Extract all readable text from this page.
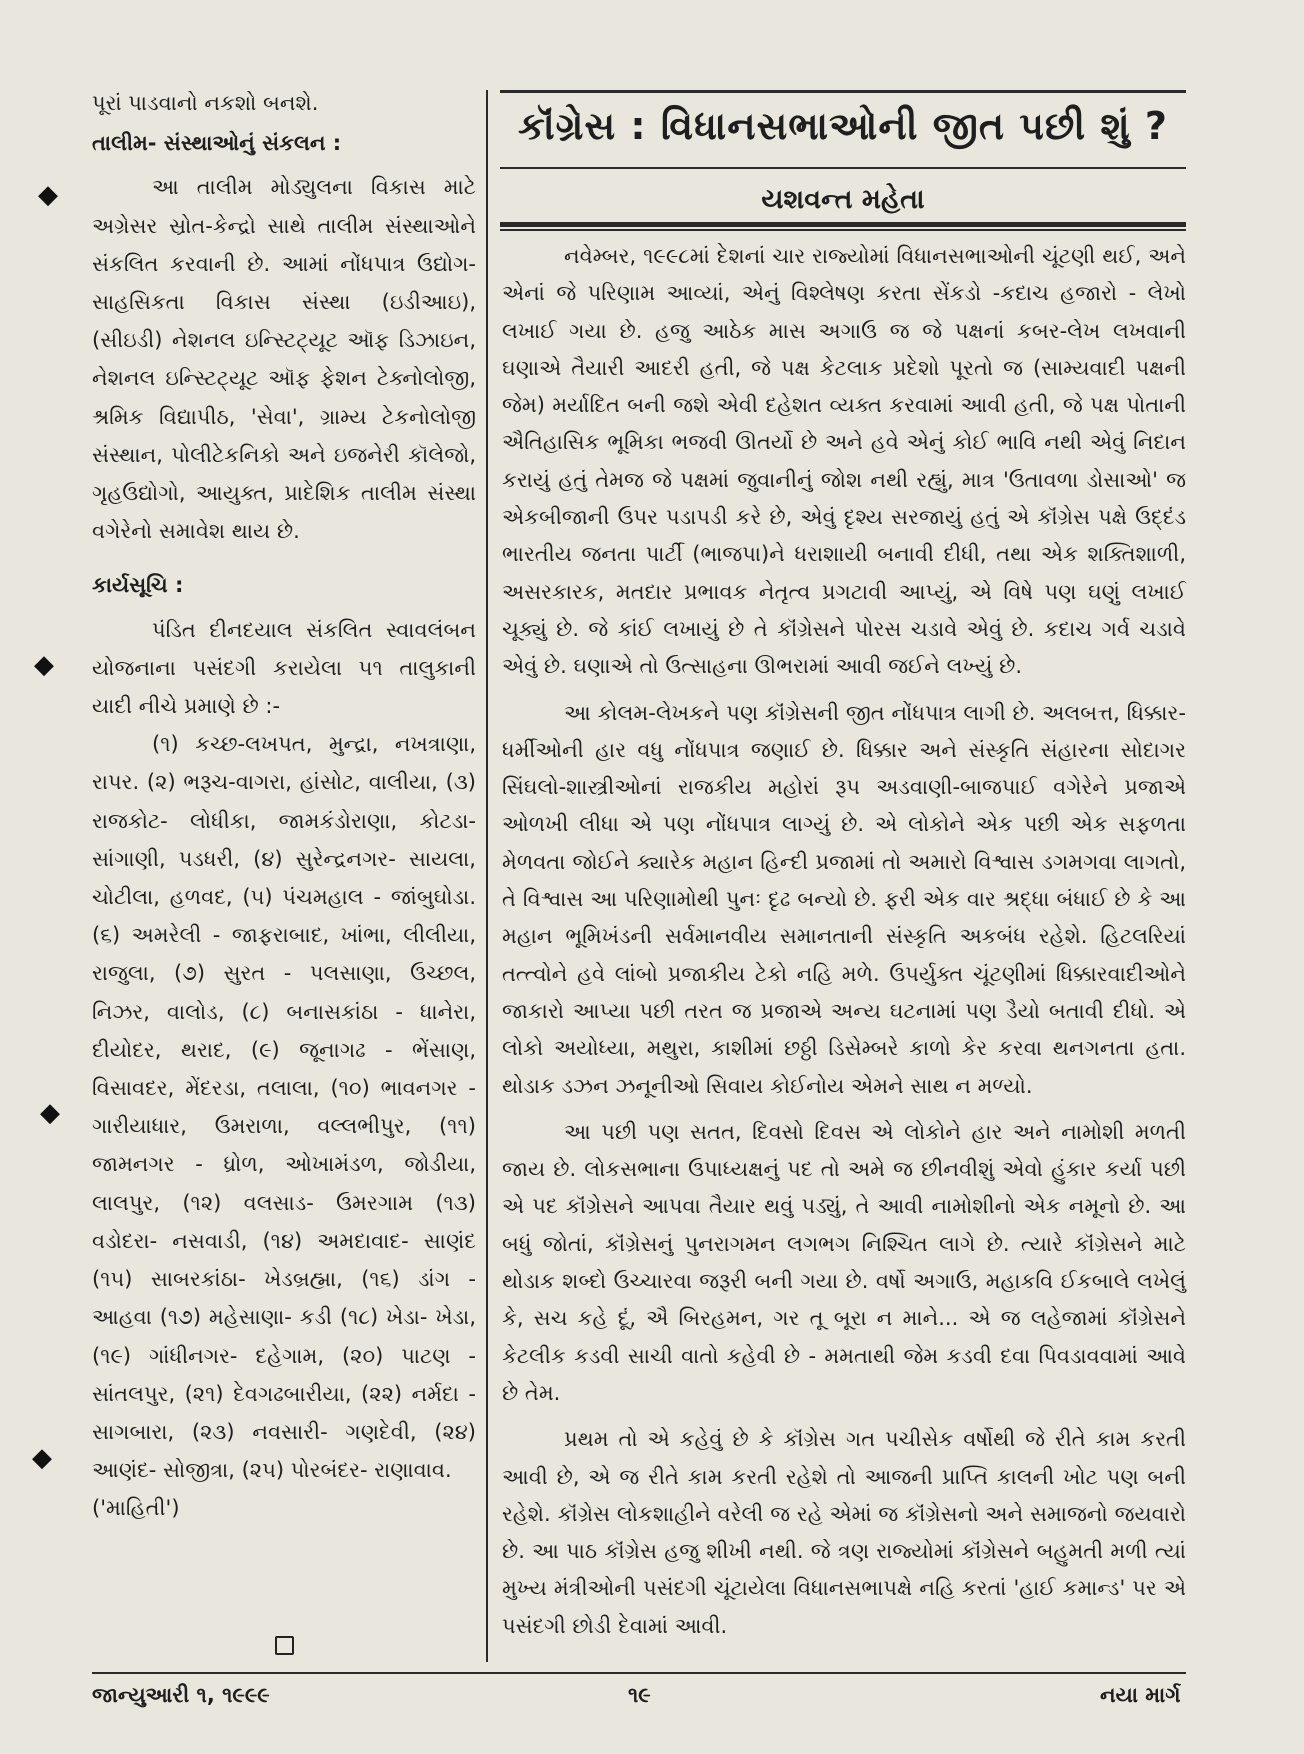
પૂરાં પાડવાનો નકશો બનશે.

તાલીમ- સંસ્થાઓનું સંકલન :

આ તાલીમ મોડ્યુલના વિકાસ માટે અગ્રેસર સ્રોત-કેન્દ્રો સાથે તાલીમ સંસ્થાઓને સંકલિત કરવાની છે. આમાં નોંધપાત્ર ઉદ્યોગ-સાહસિકતા વિકાસ સંસ્થા (ઇડીઆઇ), (સીઇડી) નેશનલ ઇન્સ્ટિટ્યૂટ ઑફ ડિઝાઇન, નેશનલ ઇન્સ્ટિટ્યૂટ ઑફ ફેશન ટેક્નોલોજી, શ્રમિક વિદ્યાપીઠ, 'સેવા', ગ્રામ્ય ટેકનોલોજી સંસ્થાન, પોલીટેકનિકો અને ઇજનેરી કૉલેજો, ગૃહઉદ્યોગો, આયુક્ત, પ્રાદેશિક તાલીમ સંસ્થા વગેરેનો સમાવેશ થાય છે.

કાર્યસૂચિ :

પંડિત દીનદયાલ સંકલિત સ્વાવલંબન યોજનાના પસંદગી કરાયેલા ૫૧ તાલુકાની યાદી નીચે પ્રમાણે છે :-

(૧) કચ્છ-લખપત, મુન્દ્રા, નખત્રાણા, રાપર. (૨) ભરૂચ-વાગરા, હાંસોટ, વાલીયા, (૩) રાજકોટ- લોધીકા, જામકંડોરાણા, કોટડા- સાંગાણી, પડધરી, (૪) સુરેન્દ્રનગર- સાયલા, ચોટીલા, હળવદ, (૫) પંચમહાલ - જાંબુઘોડા. (૬) અમરેલી - જાફરાબાદ, ખાંભા, લીલીયા, રાજુલા, (૭) સુરત - પલસાણા, ઉચ્છલ, નિઝર, વાલોડ, (૮) બનાસકાંઠા - ધાનેરા, દીયોદર, થરાદ, (૯) જૂનાગઢ - ભેંસાણ, વિસાવદર, મેંદરડા, તલાલા, (૧૦) ભાવનગર - ગારીયાધાર, ઉમરાળા, વલ્લભીપુર, (૧૧) જામનગર - ધ્રોળ, ઓખામંડળ, જોડીયા, લાલપુર, (૧૨) વલસાડ- ઉમરગામ (૧૩) વડોદરા- નસવાડી, (૧૪) અમદાવાદ- સાણંદ (૧૫) સાબરકાંઠા- ખેડબ્રહ્મા, (૧૬) ડાંગ - આહવા (૧૭) મહેસાણા- કડી (૧૮) ખેડા- ખેડા, (૧૯) ગાંધીનગર- દહેગામ, (૨૦) પાટણ - સાંતલપુર, (૨૧) દેવગઢબારીયા, (૨૨) નર્મદા - સાગબારા, (૨૩) નવસારી- ગણદેવી, (૨૪) આણંદ- સોજીત્રા, (૨૫) પોરબંદર- રાણાવાવ.

('માહિતી')

કૉંગ્રેસ : વિધાનસભાઓની જીત પછી શું ?
યશવન્ત મહેતા

નવેમ્બર, ૧૯૯૮માં દેશનાં ચાર રાજ્યોમાં વિધાનસભાઓની ચૂંટણી થઈ, અને એનાં જે પરિણામ આવ્યાં, એનું વિશ્લેષણ કરતા સેંકડો -કદાચ હજારો - લેખો લખાઈ ગયા છે. હજુ આઠેક માસ અગાઉ જ જે પક્ષનાં કબર-લેખ લખવાની ઘણાએ તૈયારી આદરી હતી, જે પક્ષ કેટલાક પ્રદેશો પૂરતો જ (સામ્યવાદી પક્ષની જેમ) મર્યાદિત બની જશે એવી દહેશત વ્યક્ત કરવામાં આવી હતી, જે પક્ષ પોતાની ઐતિહાસિક ભૂમિકા ભજવી ઊતર્યો છે અને હવે એનું કોઈ ભાવિ નથી એવું નિદાન કરાયું હતું તેમજ જે પક્ષમાં જુવાનીનું જોશ નથી રહ્યું, માત્ર 'ઉતાવળા ડોસાઓ' જ એકબીજાની ઉપર પડાપડી કરે છે, એવું દૃશ્ય સરજાયું હતું એ કૉંગ્રેસ પક્ષે ઉદ્દંડ ભારતીય જનતા પાર્ટી (ભાજપા)ને ધરાશાયી બનાવી દીધી, તથા એક શક્તિશાળી, અસરકારક, મતદાર પ્રભાવક નેતૃત્વ પ્રગટાવી આપ્યું, એ વિષે પણ ઘણું લખાઈ ચૂક્યું છે. જે કાંઈ લખાયું છે તે કૉંગ્રેસને પોરસ ચડાવે એવું છે. કદાચ ગર્વ ચડાવે એવું છે. ઘણાએ તો ઉત્સાહના ઊભરામાં આવી જઈને લખ્યું છે.

આ કોલમ-લેખકને પણ કૉંગ્રેસની જીત નોંધપાત્ર લાગી છે. અલબત્ત, ધિક્કાર-ધર્મીઓની હાર વધુ નોંધપાત્ર જણાઈ છે. ધિક્કાર અને સંસ્કૃતિ સંહારના સોદાગર સિંઘલો-શાસ્ત્રીઓનાં રાજકીય મહોરાં રૂપ અડવાણી-બાજપાઈ વગેરેને પ્રજાએ ઓળખી લીધા એ પણ નોંધપાત્ર લાગ્યું છે. એ લોકોને એક પછી એક સફળતા મેળવતા જોઈને ક્યારેક મહાન હિન્દી પ્રજામાં તો અમારો વિશ્વાસ ડગમગવા લાગતો, તે વિશ્વાસ આ પરિણામોથી પુનઃ દૃઢ બન્યો છે. ફરી એક વાર શ્રદ્ધા બંધાઈ છે કે આ મહાન ભૂમિખંડની સર્વમાનવીય સમાનતાની સંસ્કૃતિ અકબંધ રહેશે. હિટલરિયાં તત્ત્વોને હવે લાંબો પ્રજાકીય ટેકો નહિ મળે. ઉપર્યુક્ત ચૂંટણીમાં ધિક્કારવાદીઓને જાકારો આપ્યા પછી તરત જ પ્રજાએ અન્ય ઘટનામાં પણ ડૈયો બતાવી દીધો. એ લોકો અયોધ્યા, મથુરા, કાશીમાં છઠ્ઠી ડિસેમ્બરે કાળો કેર કરવા થનગનતા હતા. થોડાક ડઝન ઝનૂનીઓ સિવાય કોઈનોય એમને સાથ ન મળ્યો.

આ પછી પણ સતત, દિવસો દિવસ એ લોકોને હાર અને નામોશી મળતી જાય છે. લોકસભાના ઉપાધ્યક્ષનું પદ તો અમે જ છીનવીશું એવો હુંકાર કર્યા પછી એ પદ કૉંગ્રેસને આપવા તૈયાર થવું પડ્યું, તે આવી નામોશીનો એક નમૂનો છે. આ બધું જોતાં, કૉંગ્રેસનું પુનરાગમન લગભગ નિશ્ચિત લાગે છે. ત્યારે કૉંગ્રેસને માટે થોડાક શબ્દો ઉચ્ચારવા જરૂરી બની ગયા છે. વર્ષો અગાઉ, મહાકવિ ઈકબાલે લખેલું કે, સચ કહે દૂં, ઐ બિરહમન, ગર તૂ બૂરા ન માને... એ જ લહેજામાં કૉંગ્રેસને કેટલીક કડવી સાચી વાતો કહેવી છે - મમતાથી જેમ કડવી દવા પિવડાવવામાં આવે છે તેમ.

પ્રથમ તો એ કહેવું છે કે કૉંગ્રેસ ગત પચીસેક વર્ષોથી જે રીતે કામ કરતી આવી છે, એ જ રીતે કામ કરતી રહેશે તો આજની પ્રાપ્તિ કાલની ખોટ પણ બની રહેશે. કૉંગ્રેસ લોકશાહીને વરેલી જ રહે એમાં જ કૉંગ્રેસનો અને સમાજનો જયવારો છે. આ પાઠ કૉંગ્રેસ હજુ શીખી નથી. જે ત્રણ રાજ્યોમાં કૉંગ્રેસને બહુમતી મળી ત્યાં મુખ્ય મંત્રીઓની પસંદગી ચૂંટાયેલા વિધાનસભાપક્ષે નહિ કરતાં 'હાઈ કમાન્ડ' પર એ પસંદગી છોડી દેવામાં આવી.

જાન્યુઆરી ૧, ૧૯૯૯	૧૯	નયા માર્ગ
◆
◆
◆
◆
